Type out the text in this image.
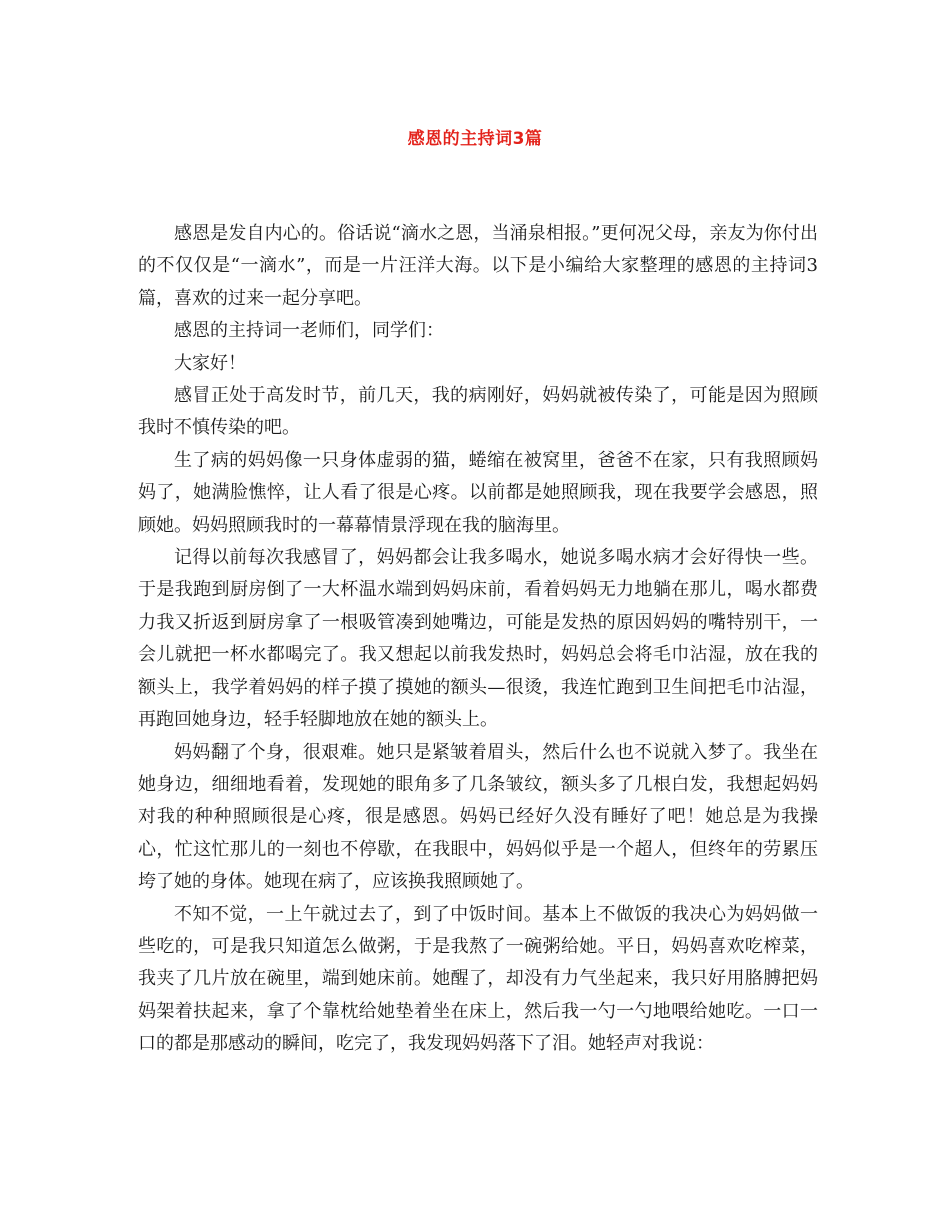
感恩的主持词3篇

感恩是发自内心的。俗话说“滴水之恩，当涌泉相报。”更何况父母，亲友为你付出的不仅仅是“一滴水”，而是一片汪洋大海。以下是小编给大家整理的感恩的主持词3篇，喜欢的过来一起分享吧。

感恩的主持词一老师们，同学们：

大家好！

感冒正处于高发时节，前几天，我的病刚好，妈妈就被传染了，可能是因为照顾我时不慎传染的吧。

生了病的妈妈像一只身体虚弱的猫，蜷缩在被窝里，爸爸不在家，只有我照顾妈妈了，她满脸憔悴，让人看了很是心疼。以前都是她照顾我，现在我要学会感恩，照顾她。妈妈照顾我时的一幕幕情景浮现在我的脑海里。

记得以前每次我感冒了，妈妈都会让我多喝水，她说多喝水病才会好得快一些。于是我跑到厨房倒了一大杯温水端到妈妈床前，看着妈妈无力地躺在那儿，喝水都费力我又折返到厨房拿了一根吸管凑到她嘴边，可能是发热的原因妈妈的嘴特别干，一会儿就把一杯水都喝完了。我又想起以前我发热时，妈妈总会将毛巾沾湿，放在我的额头上，我学着妈妈的样子摸了摸她的额头—很烫，我连忙跑到卫生间把毛巾沾湿，再跑回她身边，轻手轻脚地放在她的额头上。

妈妈翻了个身，很艰难。她只是紧皱着眉头，然后什么也不说就入梦了。我坐在她身边，细细地看着，发现她的眼角多了几条皱纹，额头多了几根白发，我想起妈妈对我的种种照顾很是心疼，很是感恩。妈妈已经好久没有睡好了吧！她总是为我操心，忙这忙那儿的一刻也不停歇，在我眼中，妈妈似乎是一个超人，但终年的劳累压垮了她的身体。她现在病了，应该换我照顾她了。

不知不觉，一上午就过去了，到了中饭时间。基本上不做饭的我决心为妈妈做一些吃的，可是我只知道怎么做粥，于是我熬了一碗粥给她。平日，妈妈喜欢吃榨菜，我夹了几片放在碗里，端到她床前。她醒了，却没有力气坐起来，我只好用胳膊把妈妈架着扶起来，拿了个靠枕给她垫着坐在床上，然后我一勺一勺地喂给她吃。一口一口的都是那感动的瞬间，吃完了，我发现妈妈落下了泪。她轻声对我说：
